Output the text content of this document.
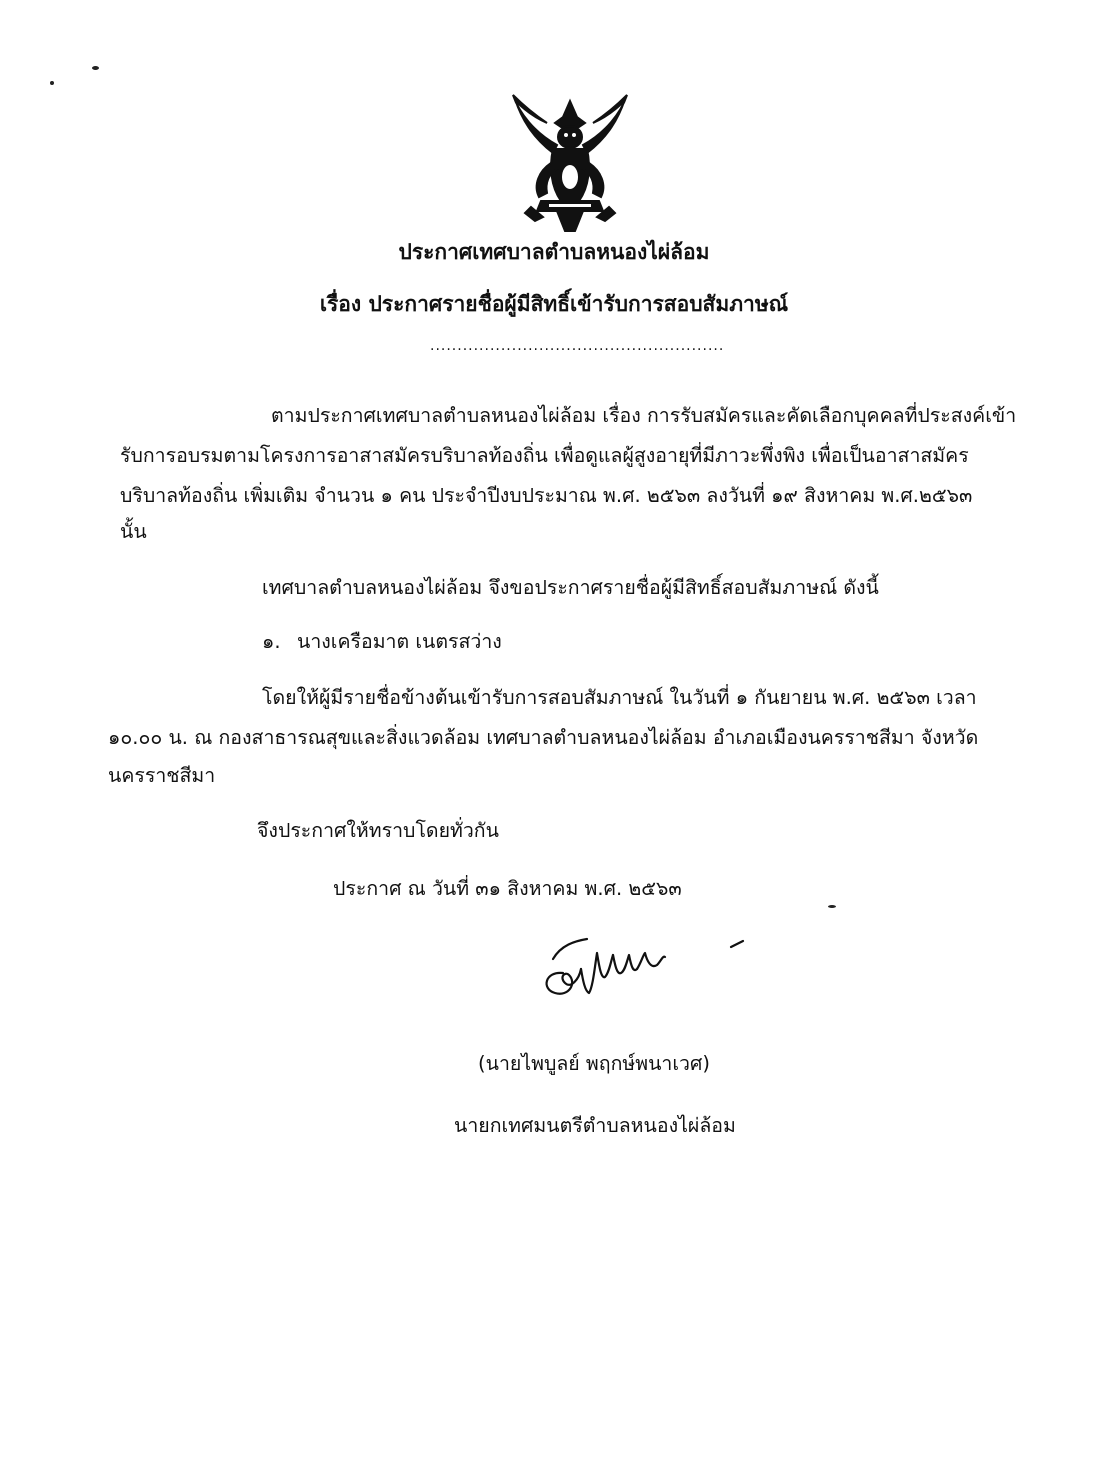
ประกาศเทศบาลตำบลหนองไผ่ล้อม
เรื่อง ประกาศรายชื่อผู้มีสิทธิ์เข้ารับการสอบสัมภาษณ์
......................................................
ตามประกาศเทศบาลตำบลหนองไผ่ล้อม เรื่อง การรับสมัครและคัดเลือกบุคคลที่ประสงค์เข้า
รับการอบรมตามโครงการอาสาสมัครบริบาลท้องถิ่น เพื่อดูแลผู้สูงอายุที่มีภาวะพึ่งพิง เพื่อเป็นอาสาสมัคร
บริบาลท้องถิ่น เพิ่มเติม จำนวน ๑ คน ประจำปีงบประมาณ พ.ศ. ๒๕๖๓ ลงวันที่ ๑๙ สิงหาคม พ.ศ.๒๕๖๓
นั้น
เทศบาลตำบลหนองไผ่ล้อม จึงขอประกาศรายชื่อผู้มีสิทธิ์สอบสัมภาษณ์ ดังนี้
๑. นางเครือมาต เนตรสว่าง
โดยให้ผู้มีรายชื่อข้างต้นเข้ารับการสอบสัมภาษณ์ ในวันที่ ๑ กันยายน พ.ศ. ๒๕๖๓ เวลา
๑๐.๐๐ น. ณ กองสาธารณสุขและสิ่งแวดล้อม เทศบาลตำบลหนองไผ่ล้อม อำเภอเมืองนครราชสีมา จังหวัด
นครราชสีมา
จึงประกาศให้ทราบโดยทั่วกัน
ประกาศ ณ วันที่ ๓๑ สิงหาคม พ.ศ. ๒๕๖๓
(นายไพบูลย์ พฤกษ์พนาเวศ)
นายกเทศมนตรีตำบลหนองไผ่ล้อม
